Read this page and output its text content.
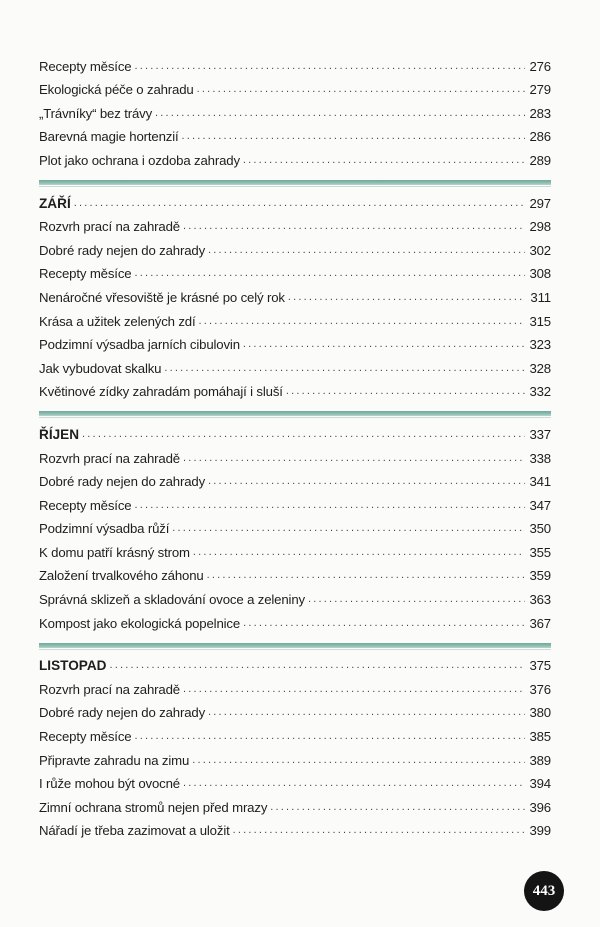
Recepty měsíce .....	276
Ekologická péče o zahradu .....	279
„Trávníky“ bez trávy .....	283
Barevná magie hortenzií .....	286
Plot jako ochrana i ozdoba zahrady .....	289
ZÁŘÍ .....	297
Rozvrh prací na zahradě .....	298
Dobré rady nejen do zahrady .....	302
Recepty měsíce .....	308
Nenáročné vřesoviště je krásné po celý rok .....	311
Krása a užitek zelených zdí .....	315
Podzimní výsadba jarních cibulovin .....	323
Jak vybudovat skalku .....	328
Květinové zídky zahradám pomáhají i sluší .....	332
ŘÍJEN .....	337
Rozvrh prací na zahradě .....	338
Dobré rady nejen do zahrady .....	341
Recepty měsíce .....	347
Podzimní výsadba růží .....	350
K domu patří krásný strom .....	355
Založení trvalkového záhonu .....	359
Správná sklizeň a skladování ovoce a zeleniny .....	363
Kompost jako ekologická popelnice .....	367
LISTOPAD .....	375
Rozvrh prací na zahradě .....	376
Dobré rady nejen do zahrady .....	380
Recepty měsíce .....	385
Připravte zahradu na zimu .....	389
I růže mohou být ovocné .....	394
Zimní ochrana stromů nejen před mrazy .....	396
Nářadí je třeba zazimovat a uložit .....	399
443
